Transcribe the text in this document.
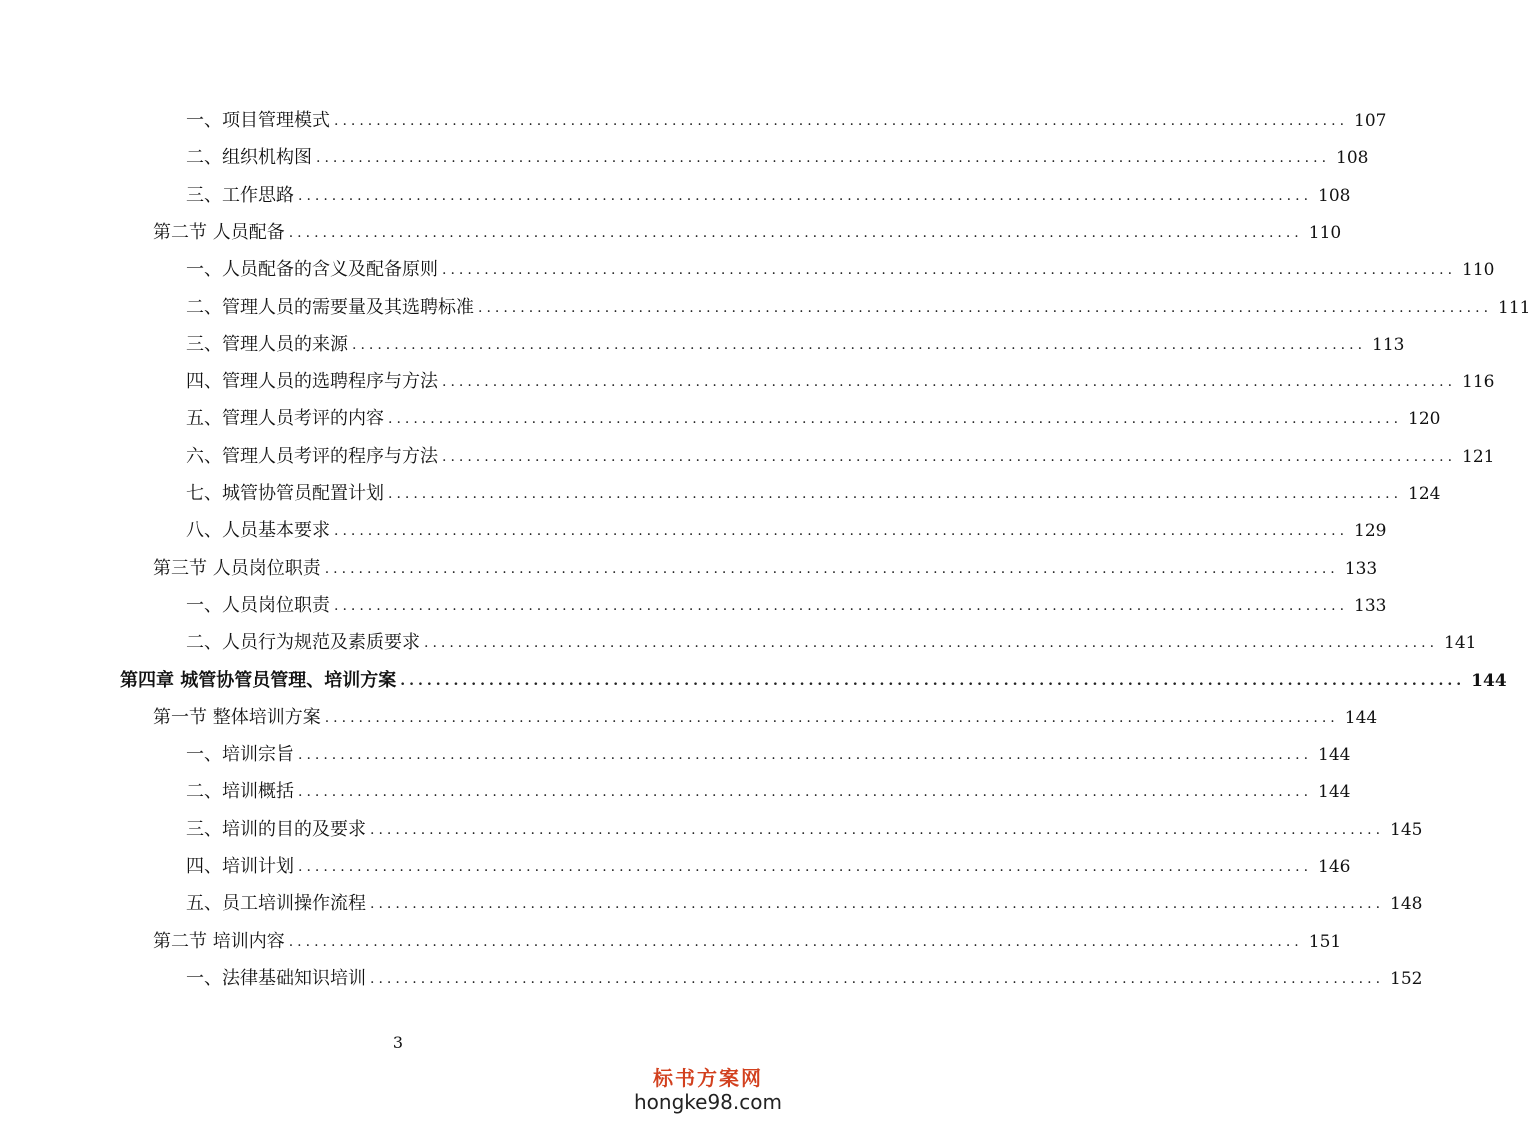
一、项目管理模式 ........................................................................................................................ 107
二、组织机构图 ........................................................................................................................ 108
三、工作思路 ........................................................................................................................ 108
第二节 人员配备 ........................................................................................................................ 110
一、人员配备的含义及配备原则 ........................................................................................................................ 110
二、管理人员的需要量及其选聘标准 ........................................................................................................................ 111
三、管理人员的来源 ........................................................................................................................ 113
四、管理人员的选聘程序与方法 ........................................................................................................................ 116
五、管理人员考评的内容 ........................................................................................................................ 120
六、管理人员考评的程序与方法 ........................................................................................................................ 121
七、城管协管员配置计划 ........................................................................................................................ 124
八、人员基本要求 ........................................................................................................................ 129
第三节 人员岗位职责 ........................................................................................................................ 133
一、人员岗位职责 ........................................................................................................................ 133
二、人员行为规范及素质要求 ........................................................................................................................ 141
第四章 城管协管员管理、培训方案 ........................................................................................................................ 144
第一节 整体培训方案 ........................................................................................................................ 144
一、培训宗旨 ........................................................................................................................ 144
二、培训概括 ........................................................................................................................ 144
三、培训的目的及要求 ........................................................................................................................ 145
四、培训计划 ........................................................................................................................ 146
五、员工培训操作流程 ........................................................................................................................ 148
第二节 培训内容 ........................................................................................................................ 151
一、法律基础知识培训 ........................................................................................................................ 152
3
标书方案网
hongke98.com
